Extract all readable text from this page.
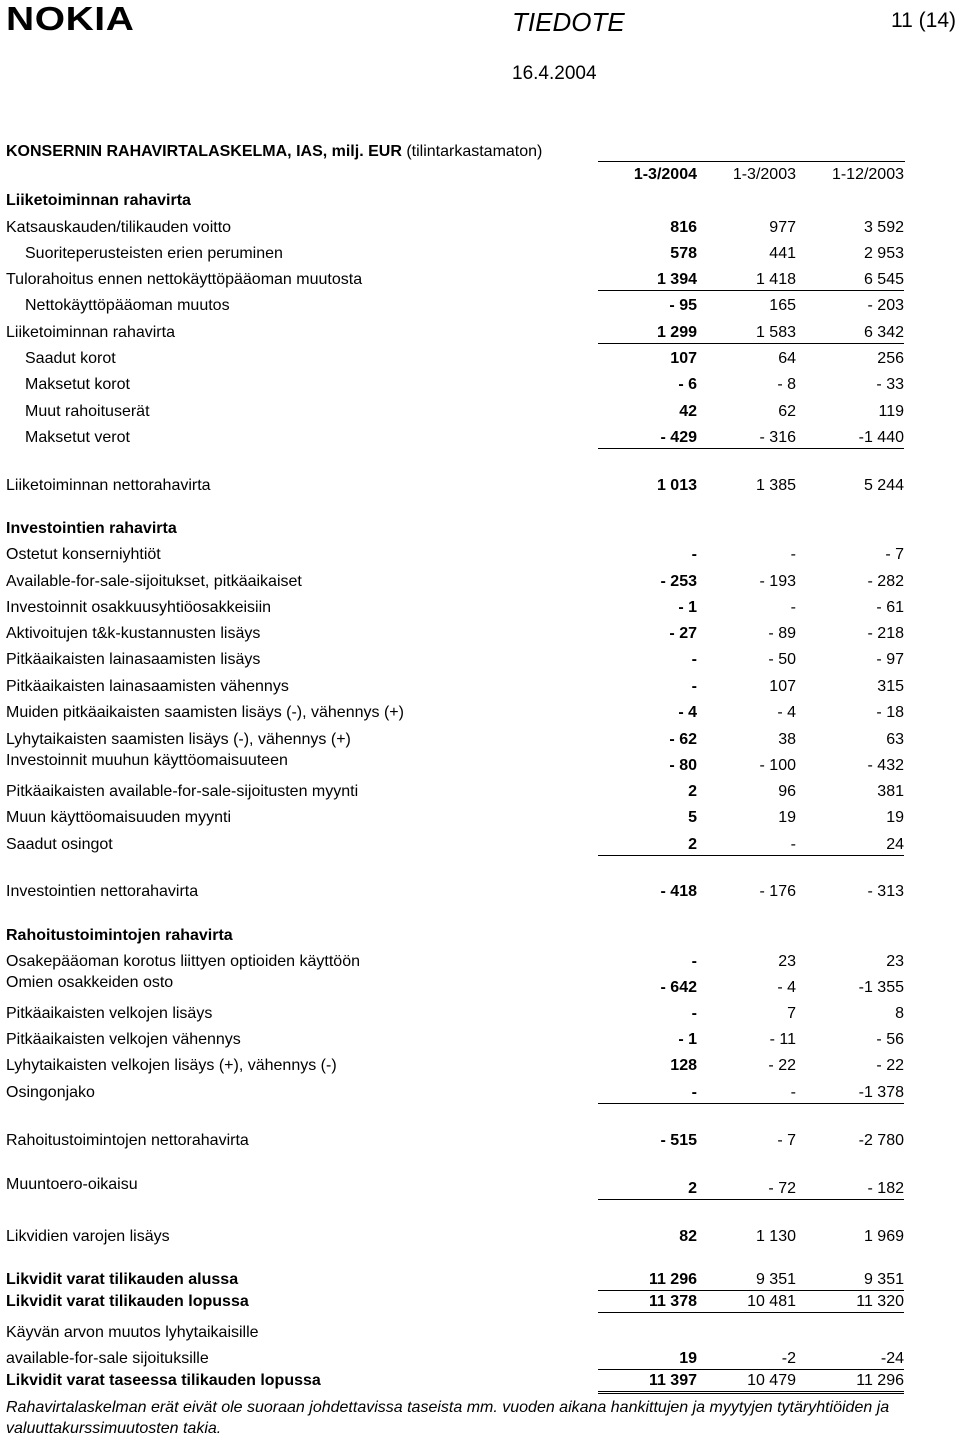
NOKIA	TIEDOTE	11 (14)
16.4.2004
KONSERNIN RAHAVIRTALASKELMA, IAS, milj. EUR (tilintarkastamaton)
1-3/2004	1-3/2003	1-12/2003
Liiketoiminnan rahavirta
Katsauskauden/tilikauden voitto	816	977	3 592
Suoriteperusteisten erien peruminen	578	441	2 953
Tulorahoitus ennen nettokäyttöpääoman muutosta	1 394	1 418	6 545
Nettokäyttöpääoman muutos	- 95	165	- 203
Liiketoiminnan rahavirta	1 299	1 583	6 342
Saadut korot	107	64	256
Maksetut korot	- 6	- 8	- 33
Muut rahoituserät	42	62	119
Maksetut verot	- 429	- 316	-1 440
Liiketoiminnan nettorahavirta	1 013	1 385	5 244
Investointien rahavirta
Ostetut konserniyhtiöt	-	-	- 7
Available-for-sale-sijoitukset, pitkäaikaiset	- 253	- 193	- 282
Investoinnit osakkuusyhtiöosakkeisiin	- 1	-	- 61
Aktivoitujen t&k-kustannusten lisäys	- 27	- 89	- 218
Pitkäaikaisten lainasaamisten lisäys	-	- 50	- 97
Pitkäaikaisten lainasaamisten vähennys	-	107	315
Muiden pitkäaikaisten saamisten lisäys (-), vähennys (+)	- 4	- 4	- 18
Lyhytaikaisten saamisten lisäys (-), vähennys (+)	- 62	38	63
Investoinnit muuhun käyttöomaisuuteen	- 80	- 100	- 432
Pitkäaikaisten available-for-sale-sijoitusten myynti	2	96	381
Muun käyttöomaisuuden myynti	5	19	19
Saadut osingot	2	-	24
Investointien nettorahavirta	- 418	- 176	- 313
Rahoitustoimintojen rahavirta
Osakepääoman korotus liittyen optioiden käyttöön	-	23	23
Omien osakkeiden osto	- 642	- 4	-1 355
Pitkäaikaisten velkojen lisäys	-	7	8
Pitkäaikaisten velkojen vähennys	- 1	- 11	- 56
Lyhytaikaisten velkojen lisäys (+), vähennys (-)	128	- 22	- 22
Osingonjako	-	-	-1 378
Rahoitustoimintojen nettorahavirta	- 515	- 7	-2 780
Muuntoero-oikaisu	2	- 72	- 182
Likvidien varojen lisäys	82	1 130	1 969
Likvidit varat tilikauden alussa	11 296	9 351	9 351
Likvidit varat tilikauden lopussa	11 378	10 481	11 320
Käyvän arvon muutos lyhytaikaisille
available-for-sale sijoituksille	19	-2	-24
Likvidit varat taseessa tilikauden lopussa	11 397	10 479	11 296
Rahavirtalaskelman erät eivät ole suoraan johdettavissa taseista mm. vuoden aikana hankittujen ja myytyjen tytäryhtiöiden ja valuuttakurssimuutosten takia.
